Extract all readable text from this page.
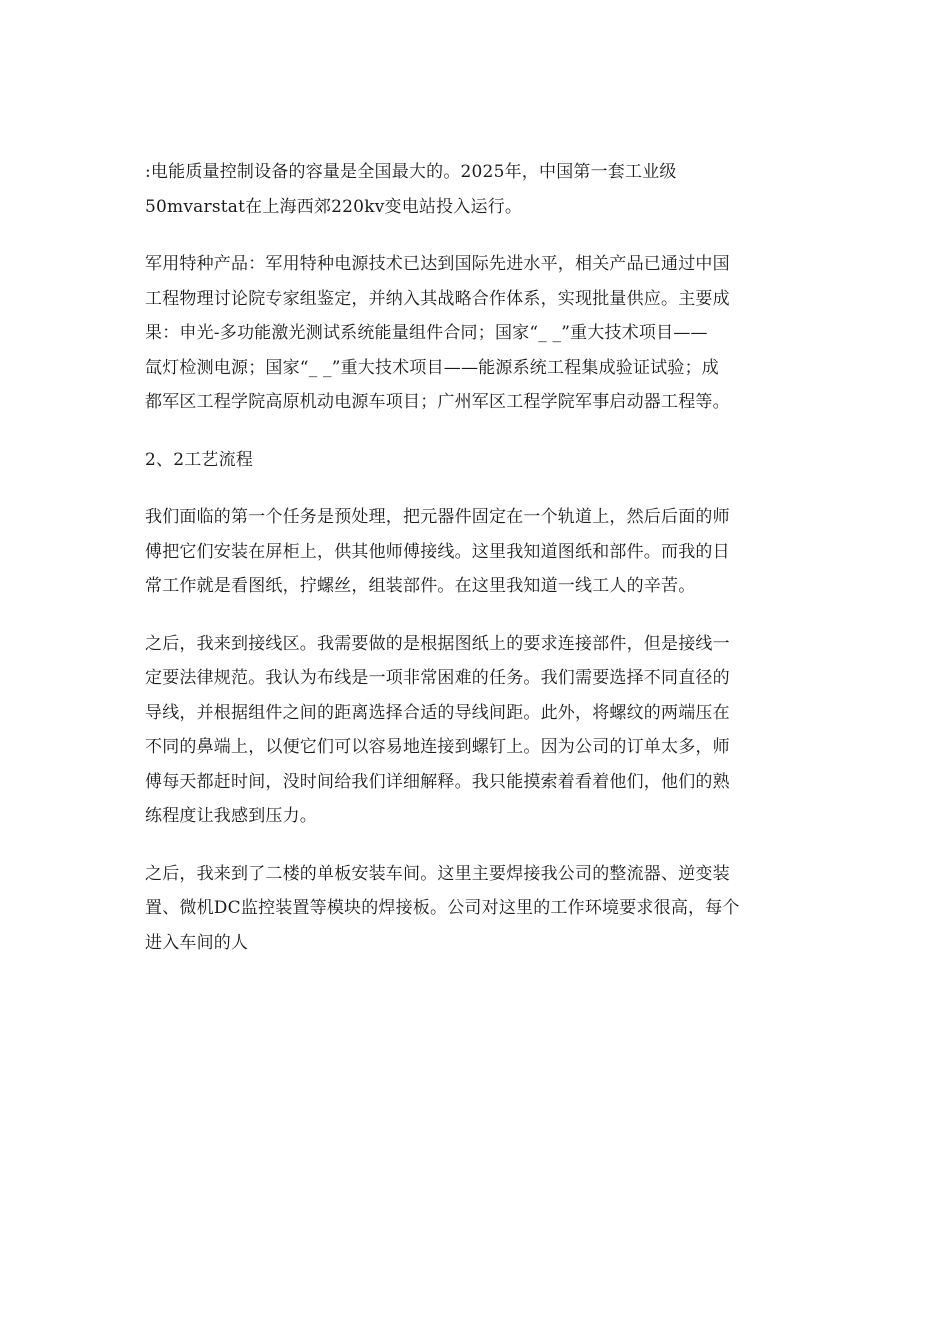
:电能质量控制设备的容量是全国最大的。2025年，中国第一套工业级
50mvarstat在上海西郊220kv变电站投入运行。

军用特种产品：军用特种电源技术已达到国际先进水平，相关产品已通过中国
工程物理讨论院专家组鉴定，并纳入其战略合作体系，实现批量供应。主要成
果：申光-多功能激光测试系统能量组件合同；国家“_ _”重大技术项目——
氙灯检测电源；国家“_ _”重大技术项目——能源系统工程集成验证试验；成
都军区工程学院高原机动电源车项目；广州军区工程学院军事启动器工程等。

2、2工艺流程

我们面临的第一个任务是预处理，把元器件固定在一个轨道上，然后后面的师
傅把它们安装在屏柜上，供其他师傅接线。这里我知道图纸和部件。而我的日
常工作就是看图纸，拧螺丝，组装部件。在这里我知道一线工人的辛苦。

之后，我来到接线区。我需要做的是根据图纸上的要求连接部件，但是接线一
定要法律规范。我认为布线是一项非常困难的任务。我们需要选择不同直径的
导线，并根据组件之间的距离选择合适的导线间距。此外，将螺纹的两端压在
不同的鼻端上，以便它们可以容易地连接到螺钉上。因为公司的订单太多，师
傅每天都赶时间，没时间给我们详细解释。我只能摸索着看着他们，他们的熟
练程度让我感到压力。

之后，我来到了二楼的单板安装车间。这里主要焊接我公司的整流器、逆变装
置、微机DC监控装置等模块的焊接板。公司对这里的工作环境要求很高，每个
进入车间的人
